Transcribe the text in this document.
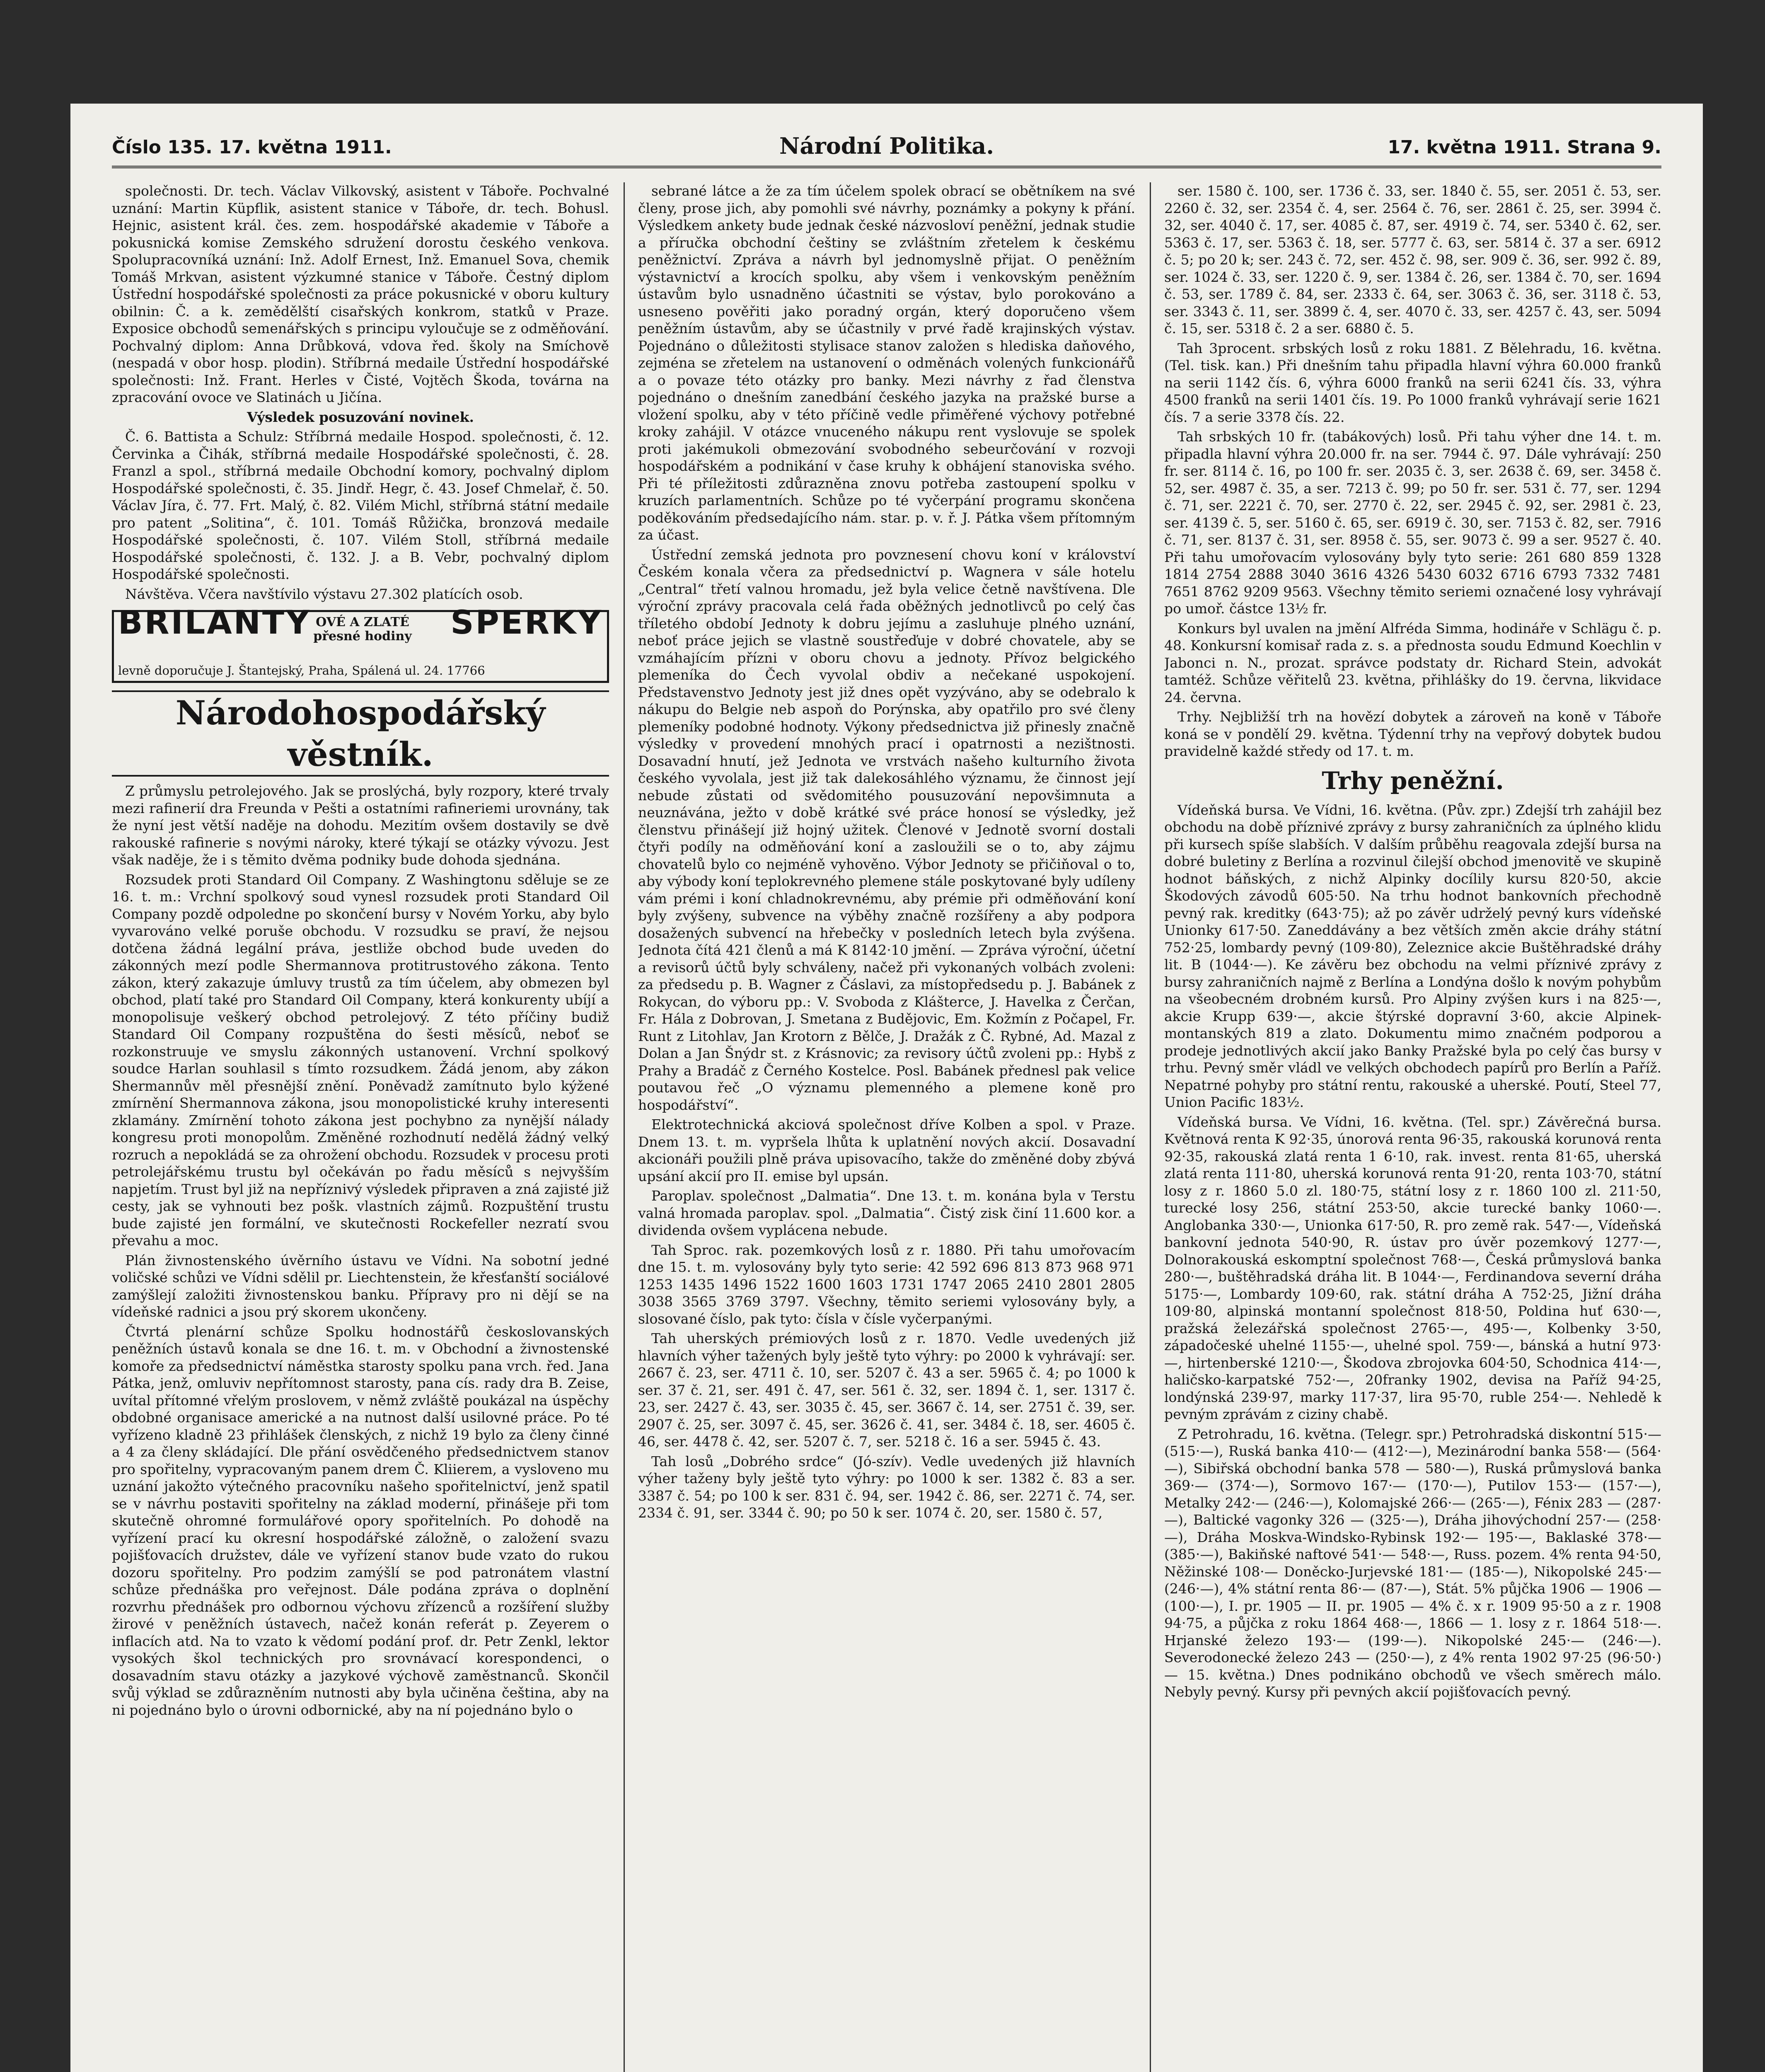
Číslo 135. 17. května 1911.	Národní Politika.	17. května 1911. Strana 9.

společnosti. Dr. tech. Václav Vilkovský, asistent v Táboře. Pochvalné uznání: Martin Küpflik, asistent stanice v Táboře, dr. tech. Bohusl. Hejnic, asistent král. čes. zem. hospodářské akademie v Táboře a pokusnická komise Zemského sdružení dorostu českého venkova. Spolupracovníká uznání: Inž. Adolf Ernest, Inž. Emanuel Sova, chemik Tomáš Mrkvan, asistent výzkumné stanice v Táboře. Čestný diplom Ústřední hospodářské společnosti za práce pokusnické v oboru kultury obilnin: Č. a k. zemědělští cisařských konkrom, statků v Praze. Exposice obchodů semenářských s principu vyloučuje se z odměňování. Pochvalný diplom: Anna Drůbková, vdova řed. školy na Smíchově (nespadá v obor hosp. plodin). Stříbrná medaile Ústřední hospodářské společnosti: Inž. Frant. Herles v Čisté, Vojtěch Škoda, továrna na zpracování ovoce ve Slatinách u Jičína.

Výsledek posuzování novinek.

Č. 6. Battista a Schulz: Stříbrná medaile Hospod. společnosti, č. 12. Červinka a Čihák, stříbrná medaile Hospodářské společnosti, č. 28. Franzl a spol., stříbrná medaile Obchodní komory, pochvalný diplom Hospodářské společnosti, č. 35. Jindř. Hegr, č. 43. Josef Chmelař, č. 50. Václav Jíra, č. 77. Frt. Malý, č. 82. Vilém Michl, stříbrná státní medaile pro patent „Solitina“, č. 101. Tomáš Růžička, bronzová medaile Hospodářské společnosti, č. 107. Vilém Stoll, stříbrná medaile Hospodářské společnosti, č. 132. J. a B. Vebr, pochvalný diplom Hospodářské společnosti.

Návštěva. Včera navštívilo výstavu 27.302 platících osob.

BRILANTY OVÉ A ZLATÉ přesné hodiny	SPERKY
levně doporučuje J. Štantejský, Praha, Spálená ul. 24. 17766
Národohospodářský věstník.

Z průmyslu petrolejového. Jak se proslýchá, byly rozpory, které trvaly mezi rafinerií dra Freunda v Pešti a ostatními rafineriemi urovnány, tak že nyní jest větší naděje na dohodu. Mezitím ovšem dostavily se dvě rakouské rafinerie s novými nároky, které týkají se otázky vývozu. Jest však naděje, že i s těmito dvěma podniky bude dohoda sjednána.

Rozsudek proti Standard Oil Company. Z Washingtonu sděluje se ze 16. t. m.: Vrchní spolkový soud vynesl rozsudek proti Standard Oil Company pozdě odpoledne po skončení bursy v Novém Yorku, aby bylo vyvarováno velké poruše obchodu. V rozsudku se praví, že nejsou dotčena žádná legální práva, jestliže obchod bude uveden do zákonných mezí podle Shermannova protitrustového zákona. Tento zákon, který zakazuje úmluvy trustů za tím účelem, aby obmezen byl obchod, platí také pro Standard Oil Company, která konkurenty ubíjí a monopolisuje veškerý obchod petrolejový. Z této příčiny budiž Standard Oil Company rozpuštěna do šesti měsíců, neboť se rozkonstruuje ve smyslu zákonných ustanovení. Vrchní spolkový soudce Harlan souhlasil s tímto rozsudkem. Žádá jenom, aby zákon Shermannův měl přesnější znění. Poněvadž zamítnuto bylo kýžené zmírnění Shermannova zákona, jsou monopolistické kruhy interesenti zklamány. Zmírnění tohoto zákona jest pochybno za nynější nálady kongresu proti monopolům. Změněné rozhodnutí nedělá žádný velký rozruch a nepokládá se za ohrožení obchodu. Rozsudek v procesu proti petrolejářskému trustu byl očekáván po řadu měsíců s nejvyšším napjetím. Trust byl již na nepříznivý výsledek připraven a zná zajisté již cesty, jak se vyhnouti bez pošk. vlastních zájmů. Rozpuštění trustu bude zajisté jen formální, ve skutečnosti Rockefeller nezratí svou převahu a moc.

Plán živnostenského úvěrního ústavu ve Vídni. Na sobotní jedné voličské schůzi ve Vídni sdělil pr. Liechtenstein, že křesťanští sociálové zamýšlejí založiti živnostenskou banku. Přípravy pro ni dějí se na vídeňské radnici a jsou prý skorem ukončeny.

Čtvrtá plenární schůze Spolku hodnostářů českoslovanských peněžních ústavů konala se dne 16. t. m. v Obchodní a živnostenské komoře za předsednictví náměstka starosty spolku pana vrch. řed. Jana Pátka, jenž, omluviv nepřítomnost starosty, pana cís. rady dra B. Zeise, uvítal přítomné vřelým proslovem, v němž zvláště poukázal na úspěchy obdobné organisace americké a na nutnost další usilovné práce. Po té vyřízeno kladně 23 přihlášek členských, z nichž 19 bylo za členy činné a 4 za členy skládající. Dle přání osvědčeného předsednictvem stanov pro spořitelny, vypracovaným panem drem Č. Kliierem, a vysloveno mu uznání jakožto výtečného pracovníku našeho spořitelnictví, jenž spatil se v návrhu postaviti spořitelny na základ moderní, přinášeje při tom skutečně ohromné formulářové opory spořitelních. Po dohodě na vyřízení prací ku okresní hospodářské záložně, o založení svazu pojišťovacích družstev, dále ve vyřízení stanov bude vzato do rukou dozoru spořitelny. Pro podzim zamýšlí se pod patronátem vlastní schůze přednáška pro veřejnost. Dále podána zpráva o doplnění rozvrhu přednášek pro odbornou výchovu zřízenců a rozšíření služby žirové v peněžních ústavech, načež konán referát p. Zeyerem o inflacích atd. Na to vzato k vědomí podání prof. dr. Petr Zenkl, lektor vysokých škol technických pro srovnávací korespondenci, o dosavadním stavu otázky a jazykové výchově zaměstnanců. Skončil svůj výklad se zdůrazněním nutnosti aby byla učiněna čeština, aby na ni pojednáno bylo o úrovni odbornické, aby na ní pojednáno bylo o

sebrané látce a že za tím účelem spolek obrací se obětníkem na své členy, prose jich, aby pomohli své návrhy, poznámky a pokyny k přání. Výsledkem ankety bude jednak české názvosloví peněžní, jednak studie a příručka obchodní češtiny se zvláštním zřetelem k českému peněžnictví. Zpráva a návrh byl jednomyslně přijat. O peněžním výstavnictví a krocích spolku, aby všem i venkovským peněžním ústavům bylo usnadněno účastniti se výstav, bylo porokováno a usneseno pověřiti jako poradný orgán, který doporučeno všem peněžním ústavům, aby se účastnily v prvé řadě krajinských výstav. Pojednáno o důležitosti stylisace stanov založen s hlediska daňového, zejména se zřetelem na ustanovení o odměnách volených funkcionářů a o povaze této otázky pro banky. Mezi návrhy z řad členstva pojednáno o dnešním zanedbání českého jazyka na pražské burse a vložení spolku, aby v této příčině vedle přiměřené výchovy potřebné kroky zahájil. V otázce vnuceného nákupu rent vyslovuje se spolek proti jakémukoli obmezování svobodného sebeurčování v rozvoji hospodářském a podnikání v čase kruhy k obhájení stanoviska svého. Při té příležitosti zdůrazněna znovu potřeba zastoupení spolku v kruzích parlamentních. Schůze po té vyčerpání programu skončena poděkováním předsedajícího nám. star. p. v. ř. J. Pátka všem přítomným za účast.

Ústřední zemská jednota pro povznesení chovu koní v království Českém konala včera za předsednictví p. Wagnera v sále hotelu „Central“ třetí valnou hromadu, jež byla velice četně navštívena. Dle výroční zprávy pracovala celá řada oběžných jednotlivců po celý čas tříletého období Jednoty k dobru jejímu a zasluhuje plného uznání, neboť práce jejich se vlastně soustřeďuje v dobré chovatele, aby se vzmáhajícím přízni v oboru chovu a jednoty. Přívoz belgického plemeníka do Čech vyvolal obdiv a nečekané uspokojení. Představenstvo Jednoty jest již dnes opět vyzýváno, aby se odebralo k nákupu do Belgie neb aspoň do Porýnska, aby opatřilo pro své členy plemeníky podobné hodnoty. Výkony předsednictva již přinesly značně výsledky v provedení mnohých prací i opatrnosti a nezištnosti. Dosavadní hnutí, jež Jednota ve vrstvách našeho kulturního života českého vyvolala, jest již tak dalekosáhlého významu, že činnost její nebude zůstati od svědomitého pousuzování nepovšimnuta a neuznávána, ježto v době krátké své práce honosí se výsledky, jež členstvu přinášejí již hojný užitek. Členové v Jednotě svorní dostali čtyři podíly na odměňování koní a zasloužili se o to, aby zájmu chovatelů bylo co nejméně vyhověno. Výbor Jednoty se přičiňoval o to, aby výbody koní teplokrevného plemene stále poskytované byly udíleny vám prémi i koní chladnokrevnému, aby prémie při odměňování koní byly zvýšeny, subvence na výběhy značně rozšířeny a aby podpora dosažených subvencí na hřebečky v posledních letech byla zvýšena. Jednota čítá 421 členů a má K 8142·10 jmění. — Zpráva výroční, účetní a revisorů účtů byly schváleny, načež při vykonaných volbách zvoleni: za předsedu p. B. Wagner z Čáslavi, za místopředsedu p. J. Babánek z Rokycan, do výboru pp.: V. Svoboda z Klášterce, J. Havelka z Čerčan, Fr. Hála z Dobrovan, J. Smetana z Budějovic, Em. Kožmín z Počapel, Fr. Runt z Litohlav, Jan Krotorn z Bělče, J. Dražák z Č. Rybné, Ad. Mazal z Dolan a Jan Šnýdr st. z Krásnovic; za revisory účtů zvoleni pp.: Hybš z Prahy a Bradáč z Černého Kostelce. Posl. Babánek přednesl pak velice poutavou řeč „O významu plemenného a plemene koně pro hospodářství“.

Elektrotechnická akciová společnost dříve Kolben a spol. v Praze. Dnem 13. t. m. vypršela lhůta k uplatnění nových akcií. Dosavadní akcionáři použili plně práva upisovacího, takže do změněné doby zbývá upsání akcií pro II. emise byl upsán.

Paroplav. společnost „Dalmatia“. Dne 13. t. m. konána byla v Terstu valná hromada paroplav. spol. „Dalmatia“. Čistý zisk činí 11.600 kor. a dividenda ovšem vyplácena nebude.

Tah Sproc. rak. pozemkových losů z r. 1880. Při tahu umořovacím dne 15. t. m. vylosovány byly tyto serie: 42 592 696 813 873 968 971 1253 1435 1496 1522 1600 1603 1731 1747 2065 2410 2801 2805 3038 3565 3769 3797. Všechny, těmito seriemi vylosovány byly, a slosované číslo, pak tyto: čísla v čísle vyčerpanými.

Tah uherských prémiových losů z r. 1870. Vedle uvedených již hlavních výher tažených byly ještě tyto výhry: po 2000 k vyhrávají: ser. 2667 č. 23, ser. 4711 č. 10, ser. 5207 č. 43 a ser. 5965 č. 4; po 1000 k ser. 37 č. 21, ser. 491 č. 47, ser. 561 č. 32, ser. 1894 č. 1, ser. 1317 č. 23, ser. 2427 č. 43, ser. 3035 č. 45, ser. 3667 č. 14, ser. 2751 č. 39, ser. 2907 č. 25, ser. 3097 č. 45, ser. 3626 č. 41, ser. 3484 č. 18, ser. 4605 č. 46, ser. 4478 č. 42, ser. 5207 č. 7, ser. 5218 č. 16 a ser. 5945 č. 43.

Tah losů „Dobrého srdce“ (Jó-szív). Vedle uvedených již hlavních výher taženy byly ještě tyto výhry: po 1000 k ser. 1382 č. 83 a ser. 3387 č. 54; po 100 k ser. 831 č. 94, ser. 1942 č. 86, ser. 2271 č. 74, ser. 2334 č. 91, ser. 3344 č. 90; po 50 k ser. 1074 č. 20, ser. 1580 č. 57,

ser. 1580 č. 100, ser. 1736 č. 33, ser. 1840 č. 55, ser. 2051 č. 53, ser. 2260 č. 32, ser. 2354 č. 4, ser. 2564 č. 76, ser. 2861 č. 25, ser. 3994 č. 32, ser. 4040 č. 17, ser. 4085 č. 87, ser. 4919 č. 74, ser. 5340 č. 62, ser. 5363 č. 17, ser. 5363 č. 18, ser. 5777 č. 63, ser. 5814 č. 37 a ser. 6912 č. 5; po 20 k; ser. 243 č. 72, ser. 452 č. 98, ser. 909 č. 36, ser. 992 č. 89, ser. 1024 č. 33, ser. 1220 č. 9, ser. 1384 č. 26, ser. 1384 č. 70, ser. 1694 č. 53, ser. 1789 č. 84, ser. 2333 č. 64, ser. 3063 č. 36, ser. 3118 č. 53, ser. 3343 č. 11, ser. 3899 č. 4, ser. 4070 č. 33, ser. 4257 č. 43, ser. 5094 č. 15, ser. 5318 č. 2 a ser. 6880 č. 5.

Tah 3procent. srbských losů z roku 1881. Z Bělehradu, 16. května. (Tel. tisk. kan.) Při dnešním tahu připadla hlavní výhra 60.000 franků na serii 1142 čís. 6, výhra 6000 franků na serii 6241 čís. 33, výhra 4500 franků na serii 1401 čís. 19. Po 1000 franků vyhrávají serie 1621 čís. 7 a serie 3378 čís. 22.

Tah srbských 10 fr. (tabákových) losů. Při tahu výher dne 14. t. m. připadla hlavní výhra 20.000 fr. na ser. 7944 č. 97. Dále vyhrávají: 250 fr. ser. 8114 č. 16, po 100 fr. ser. 2035 č. 3, ser. 2638 č. 69, ser. 3458 č. 52, ser. 4987 č. 35, a ser. 7213 č. 99; po 50 fr. ser. 531 č. 77, ser. 1294 č. 71, ser. 2221 č. 70, ser. 2770 č. 22, ser. 2945 č. 92, ser. 2981 č. 23, ser. 4139 č. 5, ser. 5160 č. 65, ser. 6919 č. 30, ser. 7153 č. 82, ser. 7916 č. 71, ser. 8137 č. 31, ser. 8958 č. 55, ser. 9073 č. 99 a ser. 9527 č. 40. Při tahu umořovacím vylosovány byly tyto serie: 261 680 859 1328 1814 2754 2888 3040 3616 4326 5430 6032 6716 6793 7332 7481 7651 8762 9209 9563. Všechny těmito seriemi označené losy vyhrávají po umoř. částce 13½ fr.

Konkurs byl uvalen na jmění Alfréda Simma, hodináře v Schlägu č. p. 48. Konkursní komisař rada z. s. a přednosta soudu Edmund Koechlin v Jabonci n. N., prozat. správce podstaty dr. Richard Stein, advokát tamtéž. Schůze věřitelů 23. května, přihlášky do 19. června, likvidace 24. června.

Trhy. Nejbližší trh na hovězí dobytek a zároveň na koně v Táboře koná se v pondělí 29. května. Týdenní trhy na vepřový dobytek budou pravidelně každé středy od 17. t. m.

Trhy peněžní.

Vídeňská bursa. Ve Vídni, 16. května. (Pův. zpr.) Zdejší trh zahájil bez obchodu na době příznivé zprávy z bursy zahraničních za úplného klidu při kursech spíše slabších. V dalším průběhu reagovala zdejší bursa na dobré buletiny z Berlína a rozvinul čilejší obchod jmenovitě ve skupině hodnot báňských, z nichž Alpinky docílily kursu 820·50, akcie Škodových závodů 605·50. Na trhu hodnot bankovních přechodně pevný rak. kreditky (643·75); až po závěr udrželý pevný kurs vídeňské Unionky 617·50. Zaneddávány a bez větších změn akcie dráhy státní 752·25, lombardy pevný (109·80), Zeleznice akcie Buštěhradské dráhy lit. B (1044·—). Ke závěru bez obchodu na velmi příznivé zprávy z bursy zahraničních najmě z Berlína a Londýna došlo k novým pohybům na všeobecném drobném kursů. Pro Alpiny zvýšen kurs i na 825·—, akcie Krupp 639·—, akcie štýrské dopravní 3·60, akcie Alpinek-montanských 819 a zlato. Dokumentu mimo značném podporou a prodeje jednotlivých akcií jako Banky Pražské byla po celý čas bursy v trhu. Pevný směr vládl ve velkých obchodech papírů pro Berlín a Paříž. Nepatrné pohyby pro státní rentu, rakouské a uherské. Poutí, Steel 77, Union Pacific 183½.

Vídeňská bursa. Ve Vídni, 16. května. (Tel. spr.) Závěrečná bursa. Květnová renta K 92·35, únorová renta 96·35, rakouská korunová renta 92·35, rakouská zlatá renta 1 6·10, rak. invest. renta 81·65, uherská zlatá renta 111·80, uherská korunová renta 91·20, renta 103·70, státní losy z r. 1860 5.0 zl. 180·75, státní losy z r. 1860 100 zl. 211·50, turecké losy 256, státní 253·50, akcie turecké banky 1060·—. Anglobanka 330·—, Unionka 617·50, R. pro země rak. 547·—, Vídeňská bankovní jednota 540·90, R. ústav pro úvěr pozemkový 1277·—, Dolnorakouská eskomptní společnost 768·—, Česká průmyslová banka 280·—, buštěhradská dráha lit. B 1044·—, Ferdinandova severní dráha 5175·—, Lombardy 109·60, rak. státní dráha A 752·25, Jižní dráha 109·80, alpinská montanní společnost 818·50, Poldina huť 630·—, pražská železářská společnost 2765·—, 495·—, Kolbenky 3·50, západočeské uhelné 1155·—, uhelné spol. 759·—, bánská a hutní 973·—, hirtenberské 1210·—, Škodova zbrojovka 604·50, Schodnica 414·—, haličsko-karpatské 752·—, 20franky 1902, devisa na Paříž 94·25, londýnská 239·97, marky 117·37, lira 95·70, ruble 254·—. Nehledě k pevným zprávám z ciziny chabě.

Z Petrohradu, 16. května. (Telegr. spr.) Petrohradská diskontní 515·— (515·—), Ruská banka 410·— (412·—), Mezinárodní banka 558·— (564·—), Sibiřská obchodní banka 578 — 580·—), Ruská průmyslová banka 369·— (374·—), Sormovo 167·— (170·—), Putilov 153·— (157·—), Metalky 242·— (246·—), Kolomajské 266·— (265·—), Fénix 283 — (287·—), Baltické vagonky 326 — (325·—), Dráha jihovýchodní 257·— (258·—), Dráha Moskva-Windsko-Rybinsk 192·— 195·—, Baklaské 378·— (385·—), Bakiňské naftové 541·— 548·—, Russ. pozem. 4% renta 94·50, Něžinské 108·— Doněcko-Jurjevské 181·— (185·—), Nikopolské 245·— (246·—), 4% státní renta 86·— (87·—), Stát. 5% půjčka 1906 — 1906 — (100·—), I. pr. 1905 — II. pr. 1905 — 4% č. x r. 1909 95·50 a z r. 1908 94·75, a půjčka z roku 1864 468·—, 1866 — 1. losy z r. 1864 518·—. Hrjanské železo 193·— (199·—). Nikopolské 245·— (246·—). Severodonecké železo 243 — (250·—), z 4% renta 1902 97·25 (96·50·) — 15. května.) Dnes podnikáno obchodů ve všech směrech málo. Nebyly pevný. Kursy při pevných akcií pojišťovacích pevný.
